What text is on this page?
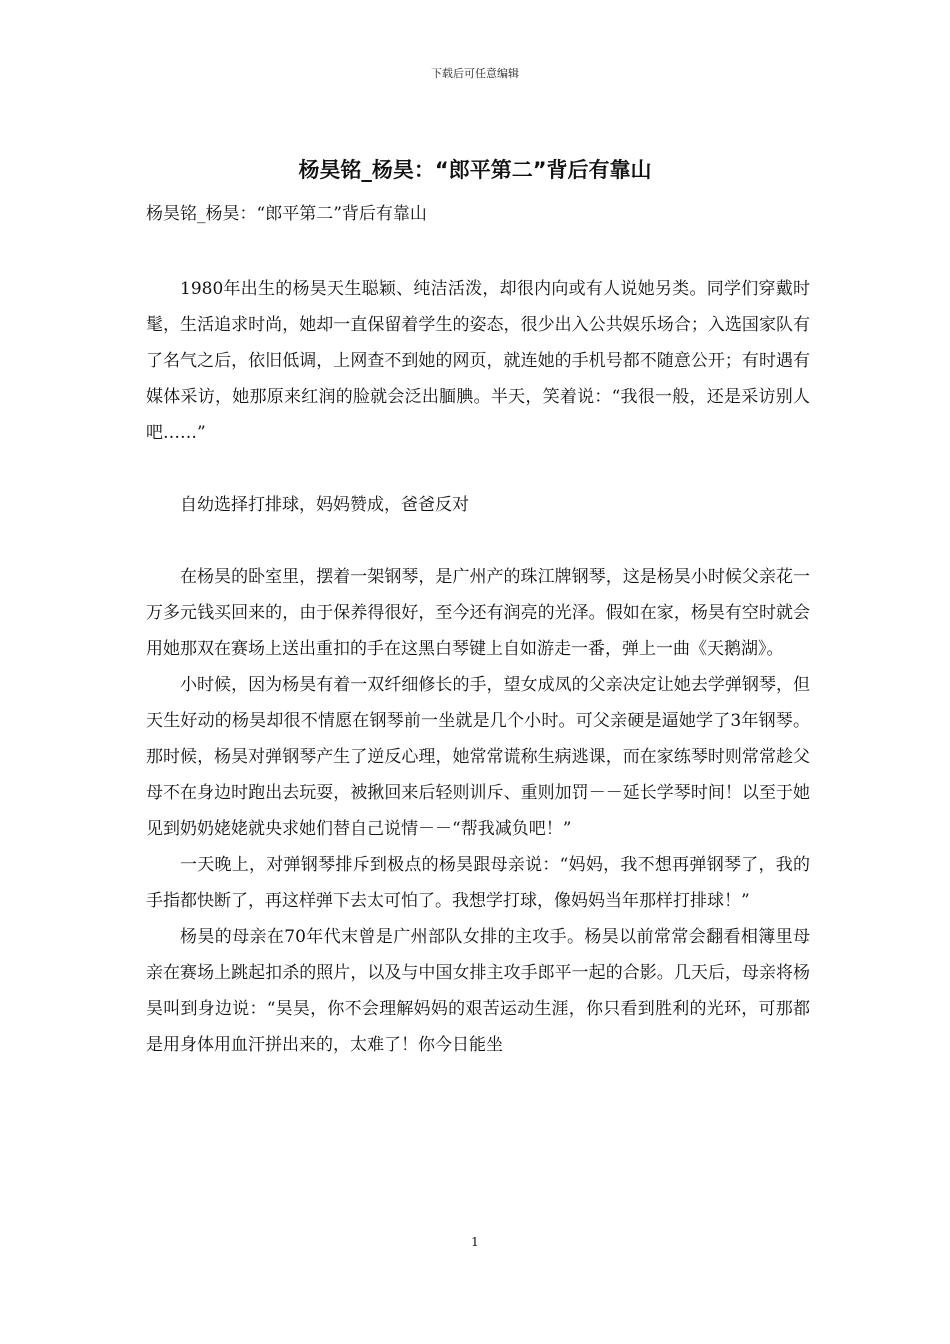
下载后可任意编辑
杨昊铭_杨昊：“郎平第二”背后有靠山
杨昊铭_杨昊：“郎平第二”背后有靠山

1980年出生的杨昊天生聪颖、纯洁活泼，却很内向或有人说她另类。同学们穿戴时髦，生活追求时尚，她却一直保留着学生的姿态，很少出入公共娱乐场合；入选国家队有了名气之后，依旧低调，上网查不到她的网页，就连她的手机号都不随意公开；有时遇有媒体采访，她那原来红润的脸就会泛出腼腆。半天，笑着说：“我很一般，还是采访别人吧……”

自幼选择打排球，妈妈赞成，爸爸反对

在杨昊的卧室里，摆着一架钢琴，是广州产的珠江牌钢琴，这是杨昊小时候父亲花一万多元钱买回来的，由于保养得很好，至今还有润亮的光泽。假如在家，杨昊有空时就会用她那双在赛场上送出重扣的手在这黑白琴键上自如游走一番，弹上一曲《天鹅湖》。

小时候，因为杨昊有着一双纤细修长的手，望女成凤的父亲决定让她去学弹钢琴，但天生好动的杨昊却很不情愿在钢琴前一坐就是几个小时。可父亲硬是逼她学了3年钢琴。那时候，杨昊对弹钢琴产生了逆反心理，她常常谎称生病逃课，而在家练琴时则常常趁父母不在身边时跑出去玩耍，被揪回来后轻则训斥、重则加罚－－延长学琴时间！以至于她见到奶奶姥姥就央求她们替自己说情－－“帮我减负吧！”

一天晚上，对弹钢琴排斥到极点的杨昊跟母亲说：“妈妈，我不想再弹钢琴了，我的手指都快断了，再这样弹下去太可怕了。我想学打球，像妈妈当年那样打排球！”

杨昊的母亲在70年代末曾是广州部队女排的主攻手。杨昊以前常常会翻看相簿里母亲在赛场上跳起扣杀的照片，以及与中国女排主攻手郎平一起的合影。几天后，母亲将杨昊叫到身边说：“昊昊，你不会理解妈妈的艰苦运动生涯，你只看到胜利的光环，可那都是用身体用血汗拼出来的，太难了！你今日能坐

1
